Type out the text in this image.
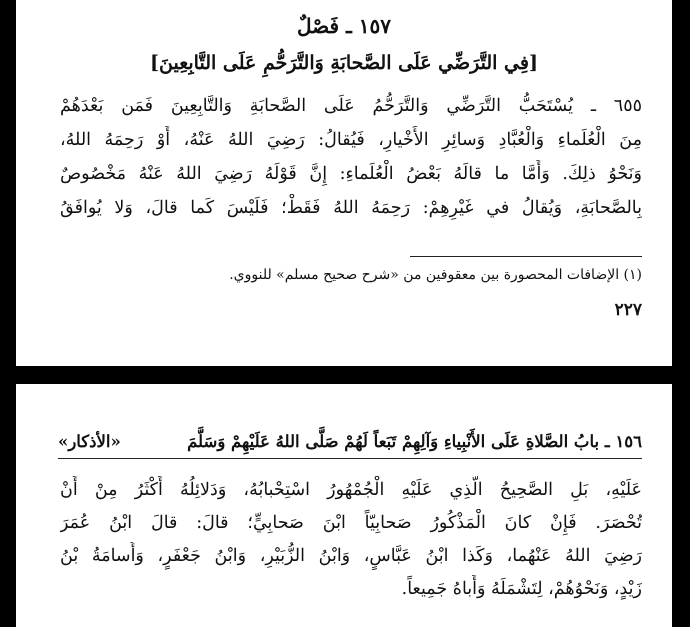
١٥٧ ـ فَصْلٌ
[فِي التَّرَضِّي عَلَى الصَّحابَةِ وَالتَّرَحُّمِ عَلَى التَّابِعِينَ]
٦٥٥ ـ يُسْتَحَبُّ التَّرَضِّي وَالتَّرَحُّمُ عَلَى الصَّحابَةِ وَالتَّابِعِينَ فَمَن بَعْدَهُمْ
مِنَ الْعُلَماءِ وَالْعُبَّادِ وَسائِرِ الأَخْيارِ، فَيُقالُ: رَضِيَ اللهُ عَنْهُ، أَوْ رَحِمَهُ اللهُ،
وَنَحْوُ ذلِكَ. وَأَمَّا ما قالَهُ بَعْضُ الْعُلَماءِ: إِنَّ قَوْلَهُ رَضِيَ اللهُ عَنْهُ مَخْصُوصٌ
بِالصَّحابَةِ، وَيُقالُ في غَيْرِهِمْ: رَحِمَهُ اللهُ فَقَطْ؛ فَلَيْسَ كَما قالَ، وَلا يُوافَقُ
(١) الإضافات المحصورة بين معقوفين من «شرح صحيح مسلم» للنووي.
٢٢٧
١٥٦ ـ بابُ الصَّلاةِ عَلَى الأَنْبِياءِ وَآلِهِمْ تَبَعاً لَهُمْ صَلَّى اللهُ عَلَيْهِمْ وَسَلَّمَ
«الأذكار»
عَلَيْهِ، بَلِ الصَّحِيحُ الَّذِي عَلَيْهِ الْجُمْهُورُ اسْتِحْبابُهُ، وَدَلائِلُهُ أَكْثَرُ مِنْ أَنْ
تُحْصَرَ. فَإِنْ كانَ الْمَذْكُورُ صَحابِيّاً ابْنَ صَحابِيٍّ؛ قالَ: قالَ ابْنُ عُمَرَ
رَضِيَ اللهُ عَنْهُما، وَكَذا ابْنُ عَبَّاسٍ، وَابْنُ الزُّبَيْرِ، وَابْنُ جَعْفَرٍ، وَأُسامَةُ بْنُ
زَيْدٍ، وَنَحْوُهُمْ، لِتَشْمَلَهُ وَأَباهُ جَمِيعاً.
